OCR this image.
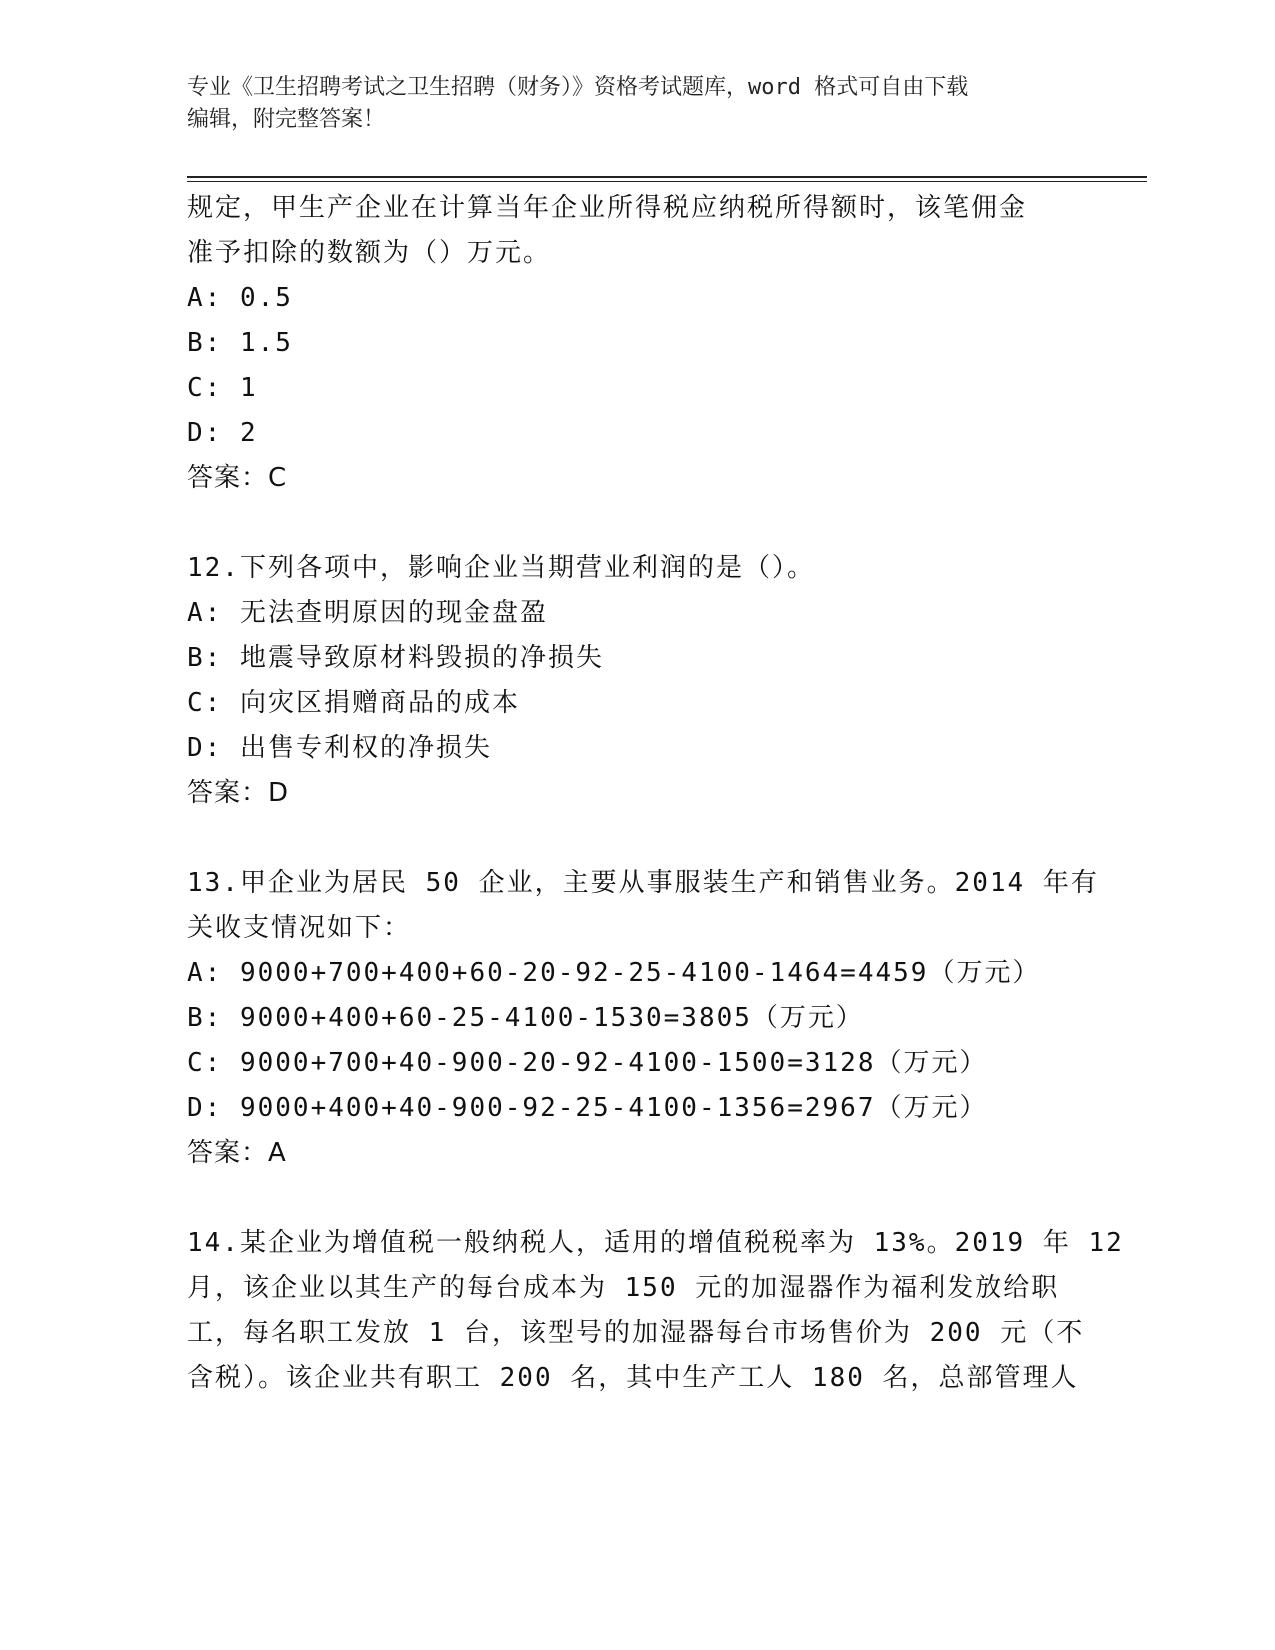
专业《卫生招聘考试之卫生招聘（财务）》资格考试题库，word 格式可自由下载
编辑，附完整答案！
规定，甲生产企业在计算当年企业所得税应纳税所得额时，该笔佣金
准予扣除的数额为（）万元。
A: 0.5
B: 1.5
C: 1
D: 2
答案：C
12.下列各项中，影响企业当期营业利润的是（）。
A: 无法查明原因的现金盘盈
B: 地震导致原材料毁损的净损失
C: 向灾区捐赠商品的成本
D: 出售专利权的净损失
答案：D
13.甲企业为居民 50 企业，主要从事服装生产和销售业务。2014 年有
关收支情况如下：
A: 9000+700+400+60-20-92-25-4100-1464=4459（万元）
B: 9000+400+60-25-4100-1530=3805（万元）
C: 9000+700+40-900-20-92-4100-1500=3128（万元）
D: 9000+400+40-900-92-25-4100-1356=2967（万元）
答案：A
14.某企业为增值税一般纳税人，适用的增值税税率为 13%。2019 年 12
月，该企业以其生产的每台成本为 150 元的加湿器作为福利发放给职
工，每名职工发放 1 台，该型号的加湿器每台市场售价为 200 元（不
含税）。该企业共有职工 200 名，其中生产工人 180 名，总部管理人
